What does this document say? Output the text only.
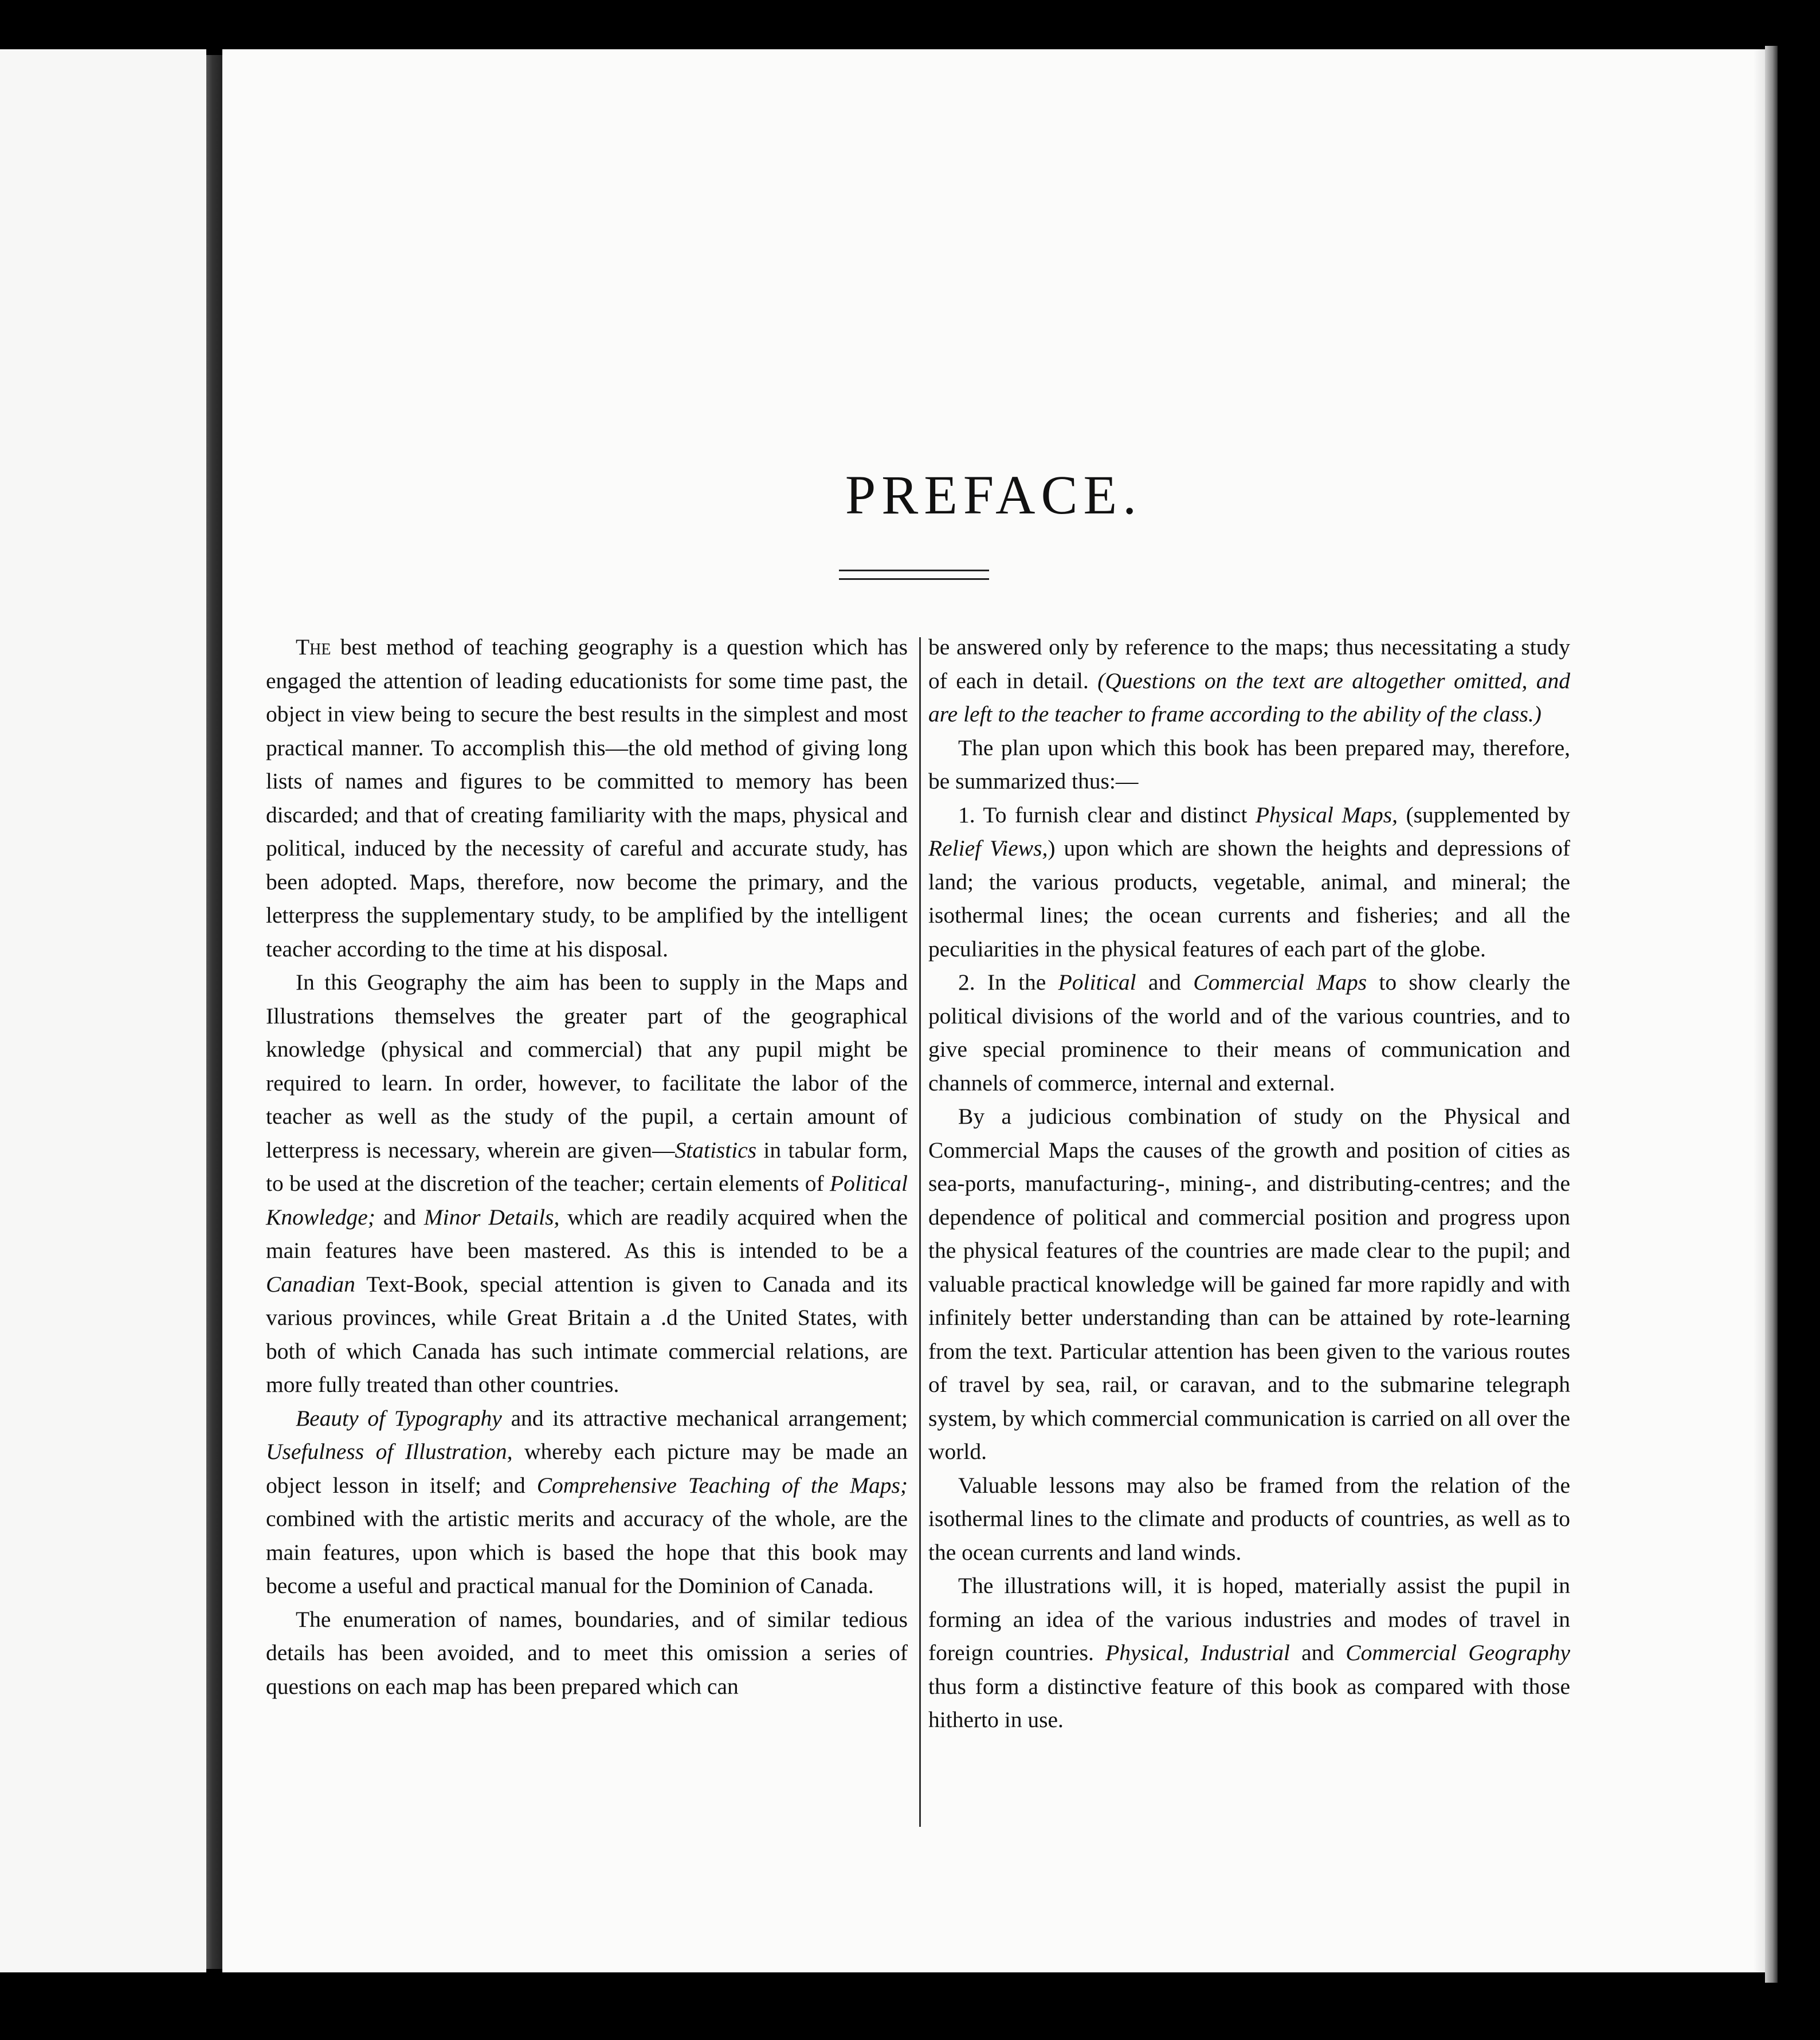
PREFACE.

The best method of teaching geography is a question which has engaged the attention of leading educationists for some time past, the object in view being to secure the best results in the simplest and most practical manner. To accomplish this—the old method of giving long lists of names and figures to be committed to memory has been discarded; and that of creating familiarity with the maps, physical and political, induced by the necessity of careful and accurate study, has been adopted. Maps, therefore, now become the primary, and the letterpress the supplementary study, to be amplified by the intelligent teacher according to the time at his disposal.

In this Geography the aim has been to supply in the Maps and Illustrations themselves the greater part of the geographical knowledge (physical and commercial) that any pupil might be required to learn. In order, however, to facilitate the labor of the teacher as well as the study of the pupil, a certain amount of letterpress is necessary, wherein are given—Statistics in tabular form, to be used at the discretion of the teacher; certain elements of Political Knowledge; and Minor Details, which are readily acquired when the main features have been mastered. As this is intended to be a Canadian Text-Book, special attention is given to Canada and its various provinces, while Great Britain a .d the United States, with both of which Canada has such intimate commercial relations, are more fully treated than other countries.

Beauty of Typography and its attractive mechanical arrangement; Usefulness of Illustration, whereby each picture may be made an object lesson in itself; and Comprehensive Teaching of the Maps; combined with the artistic merits and accuracy of the whole, are the main features, upon which is based the hope that this book may become a useful and practical manual for the Dominion of Canada.

The enumeration of names, boundaries, and of similar tedious details has been avoided, and to meet this omission a series of questions on each map has been prepared which can

be answered only by reference to the maps; thus necessitating a study of each in detail. (Questions on the text are altogether omitted, and are left to the teacher to frame according to the ability of the class.)

The plan upon which this book has been prepared may, therefore, be summarized thus:—

1. To furnish clear and distinct Physical Maps, (supplemented by Relief Views,) upon which are shown the heights and depressions of land; the various products, vegetable, animal, and mineral; the isothermal lines; the ocean currents and fisheries; and all the peculiarities in the physical features of each part of the globe.

2. In the Political and Commercial Maps to show clearly the political divisions of the world and of the various countries, and to give special prominence to their means of communication and channels of commerce, internal and external.

By a judicious combination of study on the Physical and Commercial Maps the causes of the growth and position of cities as sea-ports, manufacturing-, mining-, and distributing-centres; and the dependence of political and commercial position and progress upon the physical features of the countries are made clear to the pupil; and valuable practical knowledge will be gained far more rapidly and with infinitely better understanding than can be attained by rote-learning from the text. Particular attention has been given to the various routes of travel by sea, rail, or caravan, and to the submarine telegraph system, by which commercial communication is carried on all over the world.

Valuable lessons may also be framed from the relation of the isothermal lines to the climate and products of countries, as well as to the ocean currents and land winds.

The illustrations will, it is hoped, materially assist the pupil in forming an idea of the various industries and modes of travel in foreign countries. Physical, Industrial and Commercial Geography thus form a distinctive feature of this book as compared with those hitherto in use.
